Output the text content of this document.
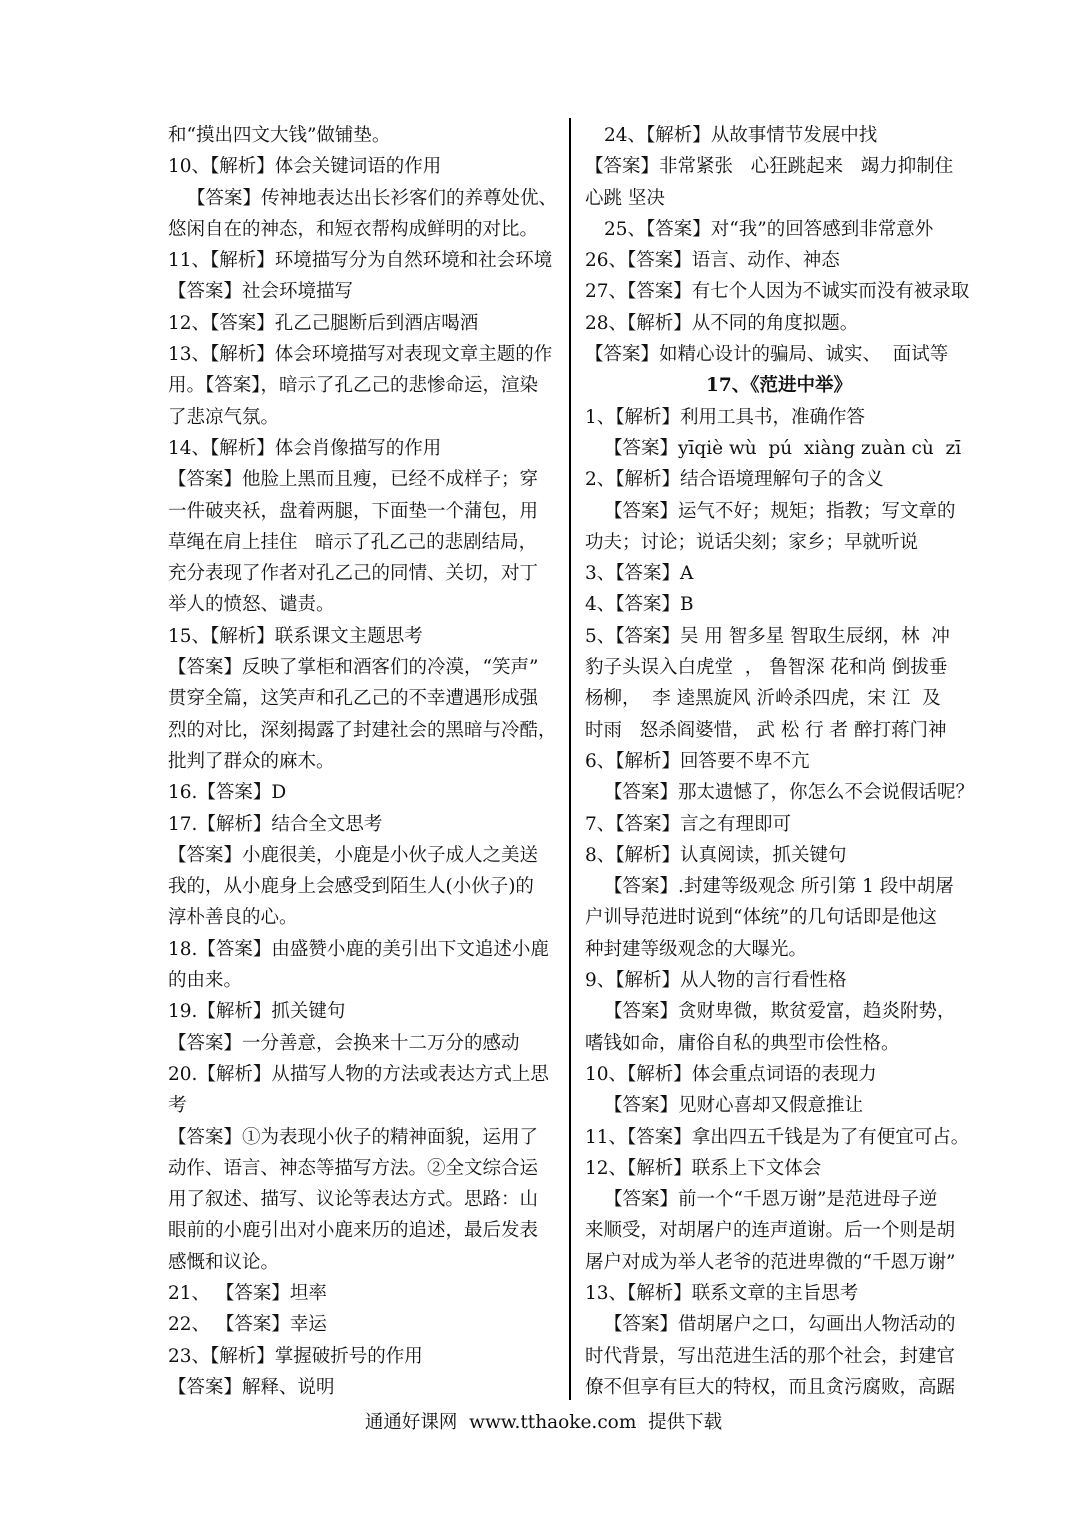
和“摸出四文大钱”做铺垫。
10、【解析】体会关键词语的作用
【答案】传神地表达出长衫客们的养尊处优、
悠闲自在的神态，和短衣帮构成鲜明的对比。
11、【解析】环境描写分为自然环境和社会环境
【答案】社会环境描写
12、【答案】孔乙己腿断后到酒店喝酒
13、【解析】体会环境描写对表现文章主题的作
用。【答案】，暗示了孔乙己的悲惨命运，渲染
了悲凉气氛。
14、【解析】体会肖像描写的作用
【答案】他脸上黑而且瘦，已经不成样子；穿
一件破夹袄，盘着两腿，下面垫一个蒲包，用
草绳在肩上挂住   暗示了孔乙己的悲剧结局，
充分表现了作者对孔乙己的同情、关切，对丁
举人的愤怒、谴责。
15、【解析】联系课文主题思考
【答案】反映了掌柜和酒客们的冷漠，“笑声”
贯穿全篇，这笑声和孔乙己的不幸遭遇形成强
烈的对比，深刻揭露了封建社会的黑暗与冷酷，
批判了群众的麻木。
16.【答案】D
17.【解析】结合全文思考
【答案】小鹿很美，小鹿是小伙子成人之美送
我的，从小鹿身上会感受到陌生人(小伙子)的
淳朴善良的心。
18.【答案】由盛赞小鹿的美引出下文追述小鹿
的由来。
19.【解析】抓关键句
【答案】一分善意，会换来十二万分的感动
20.【解析】从描写人物的方法或表达方式上思
考
【答案】①为表现小伙子的精神面貌，运用了
动作、语言、神态等描写方法。②全文综合运
用了叙述、描写、议论等表达方式。思路：山
眼前的小鹿引出对小鹿来历的追述，最后发表
感慨和议论。
21、 【答案】坦率
22、 【答案】幸运
23、【解析】掌握破折号的作用
【答案】解释、说明
24、【解析】从故事情节发展中找
【答案】非常紧张   心狂跳起来   竭力抑制住
心跳 坚决
25、【答案】对“我”的回答感到非常意外
26、【答案】语言、动作、神态
27、【答案】有七个人因为不诚实而没有被录取
28、【解析】从不同的角度拟题。
【答案】如精心设计的骗局、诚实、  面试等
17、《范进中举》
1、【解析】利用工具书，准确作答
【答案】yīqiè wù  pú  xiàng zuàn cù  zī
2、【解析】结合语境理解句子的含义
【答案】运气不好；规矩；指教；写文章的
功夫；讨论；说话尖刻；家乡；早就听说
3、【答案】A
4、【答案】B
5、【答案】吴 用 智多星 智取生辰纲，林  冲
豹子头误入白虎堂  ， 鲁智深 花和尚 倒拔垂
杨柳，  李 逵黑旋风 沂岭杀四虎，宋 江  及
时雨   怒杀阎婆惜， 武 松 行 者 醉打蒋门神
6、【解析】回答要不卑不亢
【答案】那太遗憾了，你怎么不会说假话呢？
7、【答案】言之有理即可
8、【解析】认真阅读，抓关键句
【答案】.封建等级观念 所引第 1 段中胡屠
户训导范进时说到“体统”的几句话即是他这
种封建等级观念的大曝光。
9、【解析】从人物的言行看性格
【答案】贪财卑微，欺贫爱富，趋炎附势，
嗜钱如命，庸俗自私的典型市侩性格。
10、【解析】体会重点词语的表现力
【答案】见财心喜却又假意推让
11、【答案】拿出四五千钱是为了有便宜可占。
12、【解析】联系上下文体会
【答案】前一个“千恩万谢”是范进母子逆
来顺受，对胡屠户的连声道谢。后一个则是胡
屠户对成为举人老爷的范进卑微的“千恩万谢”
13、【解析】联系文章的主旨思考
【答案】借胡屠户之口，勾画出人物活动的
时代背景，写出范进生活的那个社会，封建官
僚不但享有巨大的特权，而且贪污腐败，高踞
通通好课网  www.tthaoke.com  提供下载
